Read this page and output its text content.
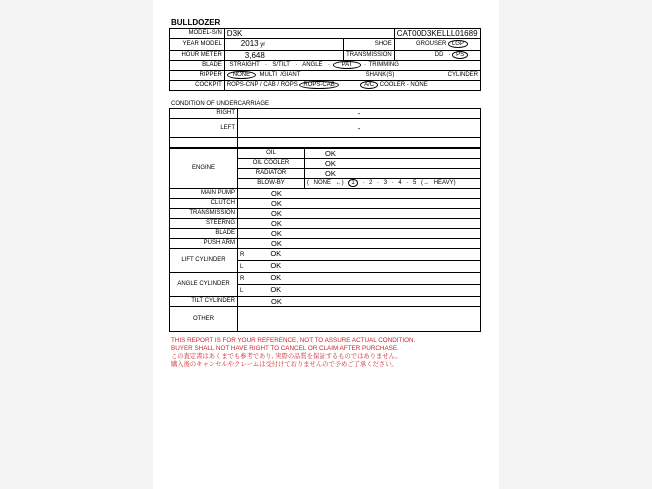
BULLDOZER
MODEL-S/N	D3K		CAT00D3KELLL01689
YEAR MODEL	2013 yr	SHOE	GROUSER LGP
HOUR METER	3,648	TRANSMISSION	DD · PS
BLADE	STRAIGHT · S/TILT · ANGLE · PAT · TRIMMING		
RIPPER	NONE MULTI /GIANT SHANK(S) CYLINDER		
COCKPIT	ROPS-CNP / CAB / ROPS ROPS-CAB A/C COOLER - NONE		
CONDITION OF UNDERCARRIAGE
RIGHT	-
LEFT	-

ENGINE	OIL	OK
	OIL COOLER	OK
	RADIATOR	OK
	BLOW-BY	( NONE ←) 1 · 2 · 3 · 4 · 5 (→ HEAVY)
MAIN PUMP	OK	
CLUTCH	OK	
TRANSMISSION	OK	
STEERNG	OK	
BLADE	OK	
PUSH ARM	OK	
LIFT CYLINDER	R OK	
	L OK	
ANGLE CYLINDER	R OK	
	L OK	
TILT CYLINDER	OK	
OTHER		
THIS REPORT IS FOR YOUR REFERENCE, NOT TO ASSURE ACTUAL CONDITION.
BUYER SHALL NOT HAVE RIGHT TO CANCEL OR CLAIM AFTER PURCHASE.
この査定書はあくまでも参考であり, 実際の品質を保証するものではありません。
購入後のキャンセルやクレームは受付けておりませんので予めご了承ください。
